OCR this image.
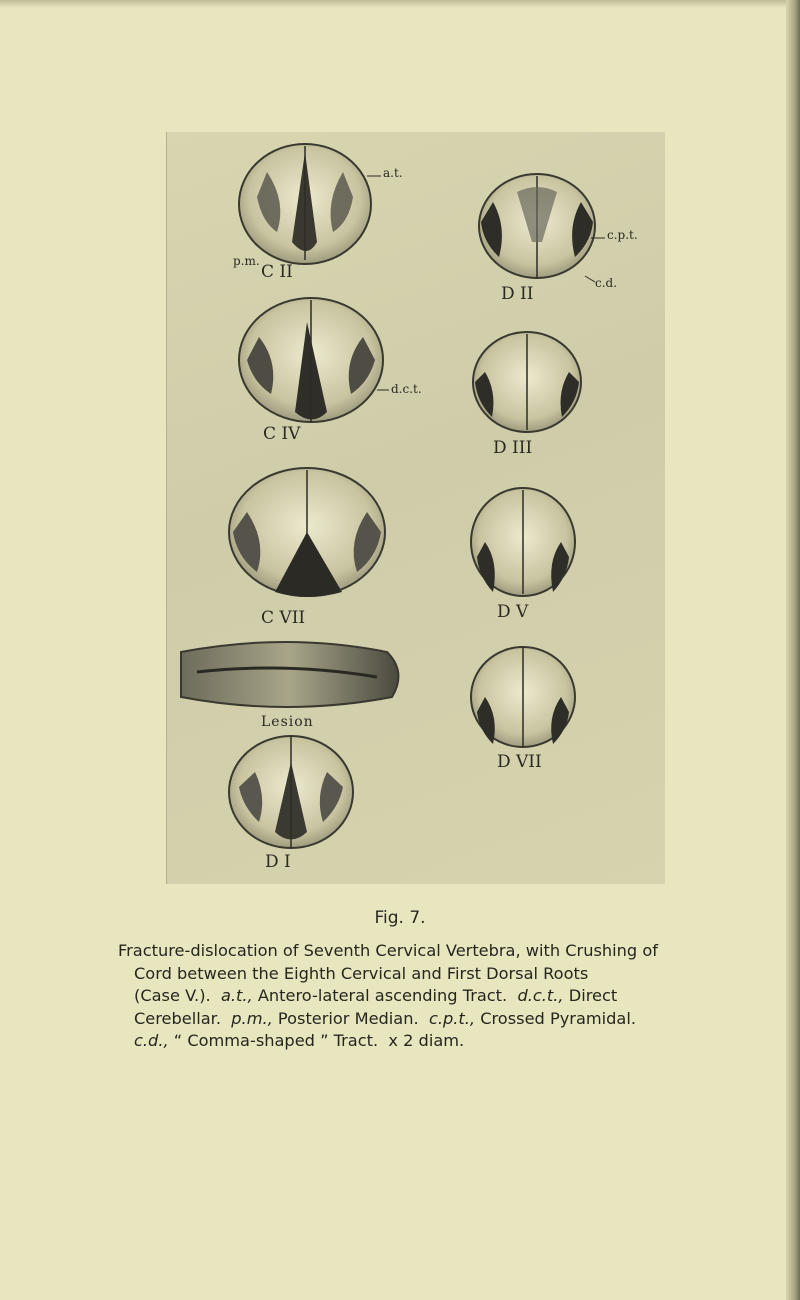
C II
C IV
C VII
D I
D II
D III
D V
D VII
a.t.
p.m.
d.c.t.
c.p.t.
c.d.
Lesion
Fig. 7.
Fracture-dislocation of Seventh Cervical Vertebra, with Crushing of
Cord between the Eighth Cervical and First Dorsal Roots
(Case V.). a.t., Antero-lateral ascending Tract. d.c.t., Direct
Cerebellar. p.m., Posterior Median. c.p.t., Crossed Pyramidal.
c.d., “ Comma-shaped ” Tract. x 2 diam.
